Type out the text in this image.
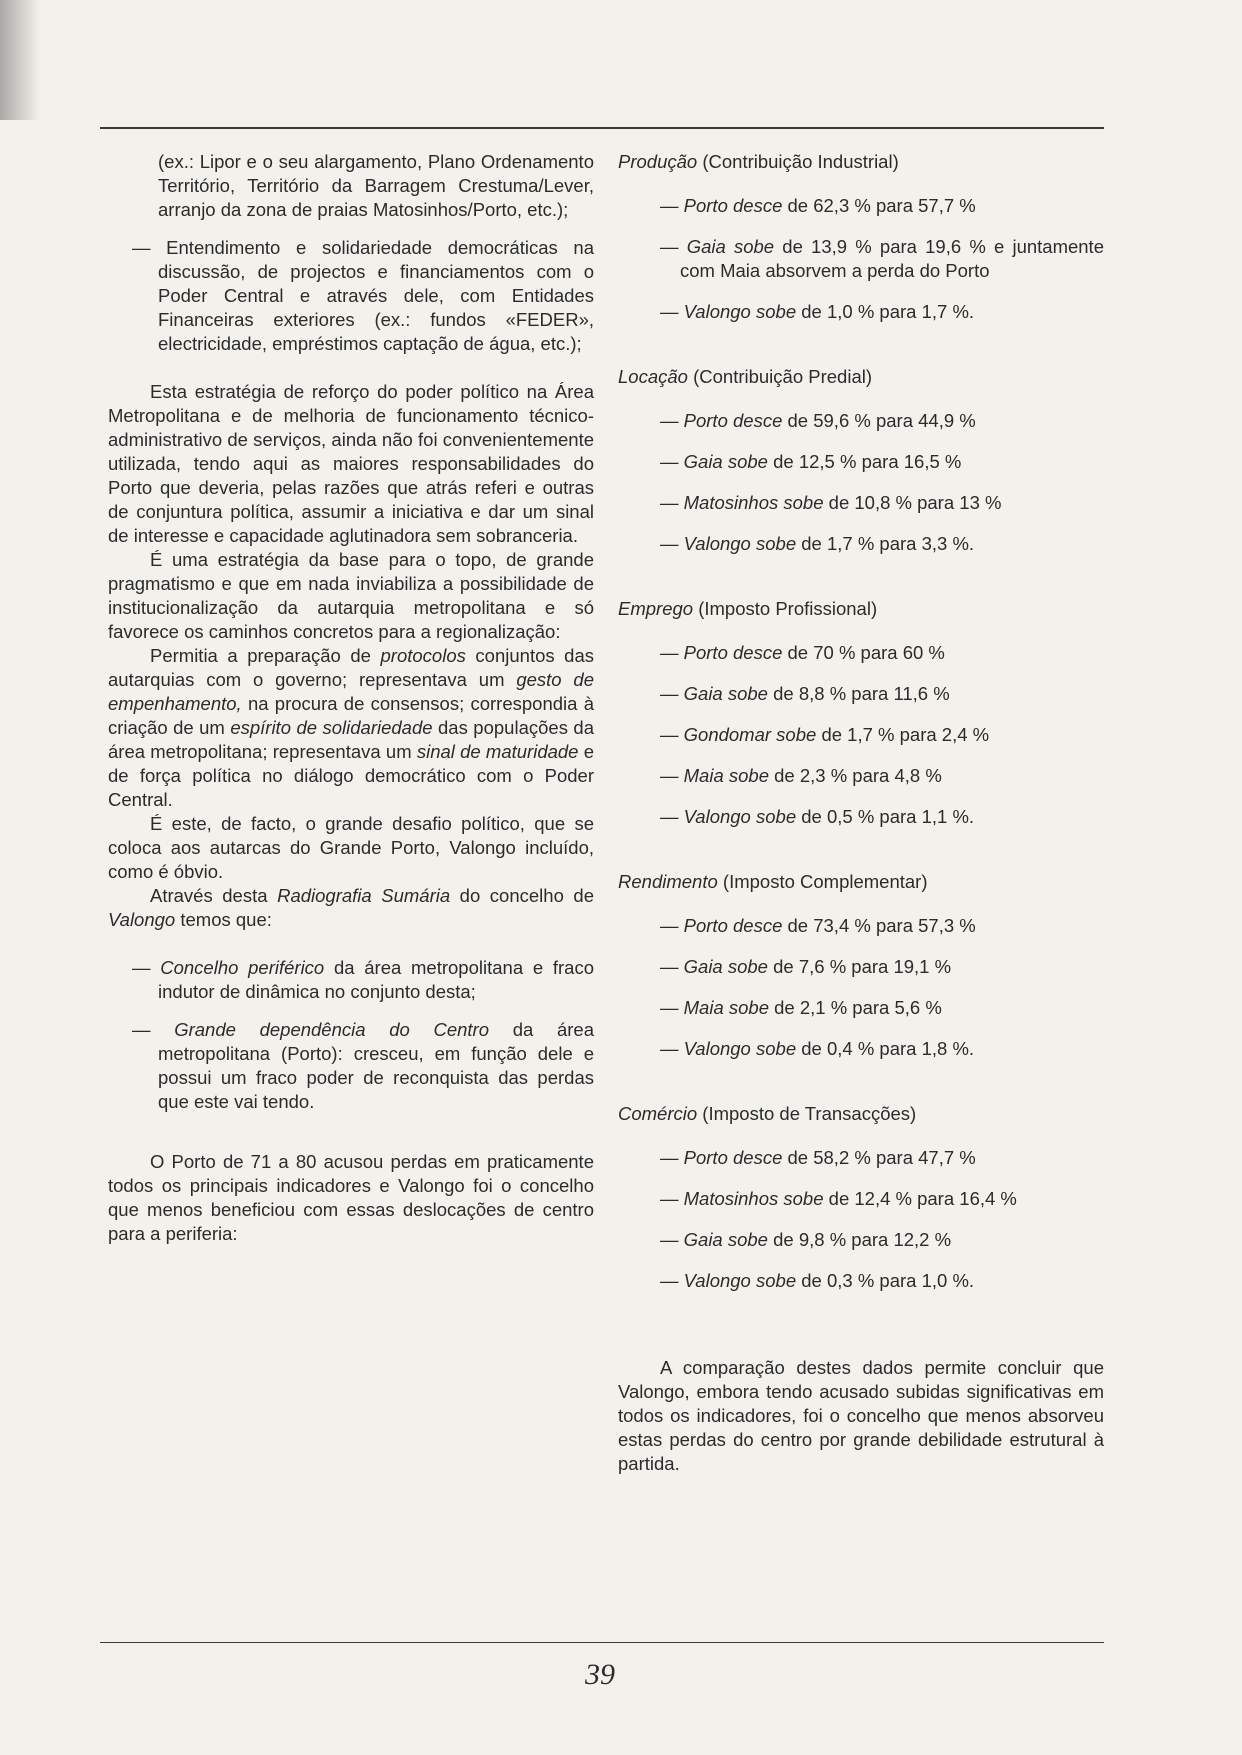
(ex.: Lipor e o seu alargamento, Plano Ordenamento Território, Território da Barragem Crestuma/Lever, arranjo da zona de praias Matosinhos/Porto, etc.);

— Entendimento e solidariedade democráticas na discussão, de projectos e financiamentos com o Poder Central e através dele, com Entidades Financeiras exteriores (ex.: fundos «FEDER», electricidade, empréstimos captação de água, etc.);

Esta estratégia de reforço do poder político na Área Metropolitana e de melhoria de funcionamento técnico-administrativo de serviços, ainda não foi convenientemente utilizada, tendo aqui as maiores responsabilidades do Porto que deveria, pelas razões que atrás referi e outras de conjuntura política, assumir a iniciativa e dar um sinal de interesse e capacidade aglutinadora sem sobranceria.

É uma estratégia da base para o topo, de grande pragmatismo e que em nada inviabiliza a possibilidade de institucionalização da autarquia metropolitana e só favorece os caminhos concretos para a regionalização:

Permitia a preparação de protocolos conjuntos das autarquias com o governo; representava um gesto de empenhamento, na procura de consensos; correspondia à criação de um espírito de solidariedade das populações da área metropolitana; representava um sinal de maturidade e de força política no diálogo democrático com o Poder Central.

É este, de facto, o grande desafio político, que se coloca aos autarcas do Grande Porto, Valongo incluído, como é óbvio.

Através desta Radiografia Sumária do concelho de Valongo temos que:

— Concelho periférico da área metropolitana e fraco indutor de dinâmica no conjunto desta;

— Grande dependência do Centro da área metropolitana (Porto): cresceu, em função dele e possui um fraco poder de reconquista das perdas que este vai tendo.

O Porto de 71 a 80 acusou perdas em praticamente todos os principais indicadores e Valongo foi o concelho que menos beneficiou com essas deslocações de centro para a periferia:

Produção (Contribuição Industrial)

— Porto desce de 62,3 % para 57,7 %

— Gaia sobe de 13,9 % para 19,6 % e juntamente com Maia absorvem a perda do Porto

— Valongo sobe de 1,0 % para 1,7 %.

Locação (Contribuição Predial)

— Porto desce de 59,6 % para 44,9 %

— Gaia sobe de 12,5 % para 16,5 %

— Matosinhos sobe de 10,8 % para 13 %

— Valongo sobe de 1,7 % para 3,3 %.

Emprego (Imposto Profissional)

— Porto desce de 70 % para 60 %

— Gaia sobe de 8,8 % para 11,6 %

— Gondomar sobe de 1,7 % para 2,4 %

— Maia sobe de 2,3 % para 4,8 %

— Valongo sobe de 0,5 % para 1,1 %.

Rendimento (Imposto Complementar)

— Porto desce de 73,4 % para 57,3 %

— Gaia sobe de 7,6 % para 19,1 %

— Maia sobe de 2,1 % para 5,6 %

— Valongo sobe de 0,4 % para 1,8 %.

Comércio (Imposto de Transacções)

— Porto desce de 58,2 % para 47,7 %

— Matosinhos sobe de 12,4 % para 16,4 %

— Gaia sobe de 9,8 % para 12,2 %

— Valongo sobe de 0,3 % para 1,0 %.

A comparação destes dados permite concluir que Valongo, embora tendo acusado subidas significativas em todos os indicadores, foi o concelho que menos absorveu estas perdas do centro por grande debilidade estrutural à partida.

39
